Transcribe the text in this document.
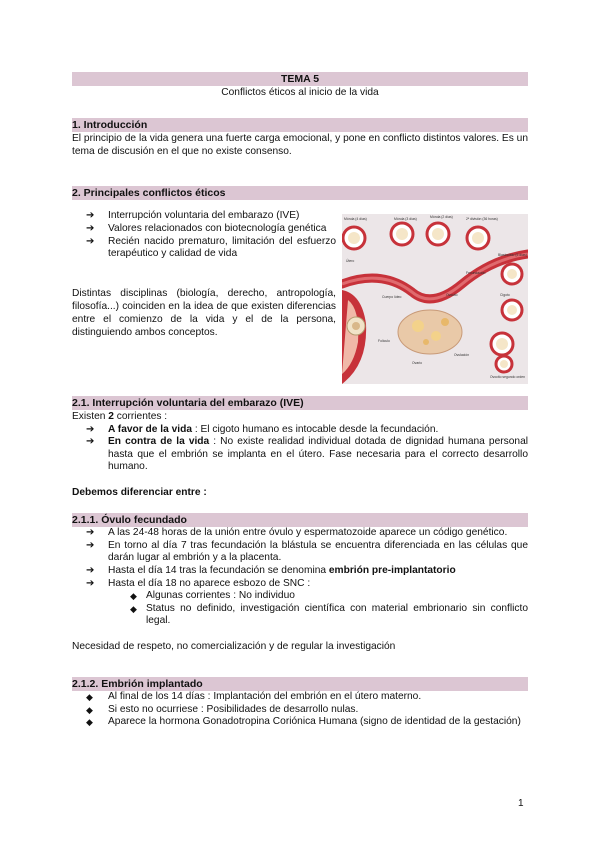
TEMA 5
Conflictos éticos al inicio de la vida
1. Introducción
El principio de la vida genera una fuerte carga emocional, y pone en conflicto distintos valores. Es un tema de discusión en el que no existe consenso.
2. Principales conflictos éticos
➔ Interrupción voluntaria del embarazo (IVE)
➔ Valores relacionados con biotecnología genética
➔ Recién nacido prematuro, limitación del esfuerzo terapéutico y calidad de vida
Distintas disciplinas (biología, derecho, antropología, filosofía...) coinciden en la idea de que existen diferencias entre el comienzo de la vida y el de la persona, distinguiendo ambos conceptos.
Mórula (4 días)	Mórula (3 días)	Mórula (2 días)	2ª división (36 horas)
Blastocisto (5 días)
Útero
Cigoto
Cuerpo lúteo	Ovocito
Fecundación
Ovario
Ovulación
Folículo
Ovocito segundo orden
2.1. Interrupción voluntaria del embarazo (IVE)
Existen 2 corrientes :
➔ A favor de la vida : El cigoto humano es intocable desde la fecundación.
➔ En contra de la vida : No existe realidad individual dotada de dignidad humana personal hasta que el embrión se implanta en el útero. Fase necesaria para el correcto desarrollo humano.
Debemos diferenciar entre :
2.1.1. Óvulo fecundado
➔ A las 24-48 horas de la unión entre óvulo y espermatozoide aparece un código genético.
➔ En torno al día 7 tras fecundación la blástula se encuentra diferenciada en las células que darán lugar al embrión y a la placenta.
➔ Hasta el día 14 tras la fecundación se denomina embrión pre-implantatorio
➔ Hasta el día 18 no aparece esbozo de SNC :
◆ Algunas corrientes : No individuo
◆ Status no definido, investigación científica con material embrionario sin conflicto legal.
Necesidad de respeto, no comercialización y de regular la investigación
2.1.2. Embrión implantado
◆ Al final de los 14 días : Implantación del embrión en el útero materno.
◆ Si esto no ocurriese : Posibilidades de desarrollo nulas.
◆ Aparece la hormona Gonadotropina Coriónica Humana (signo de identidad de la gestación)
1
